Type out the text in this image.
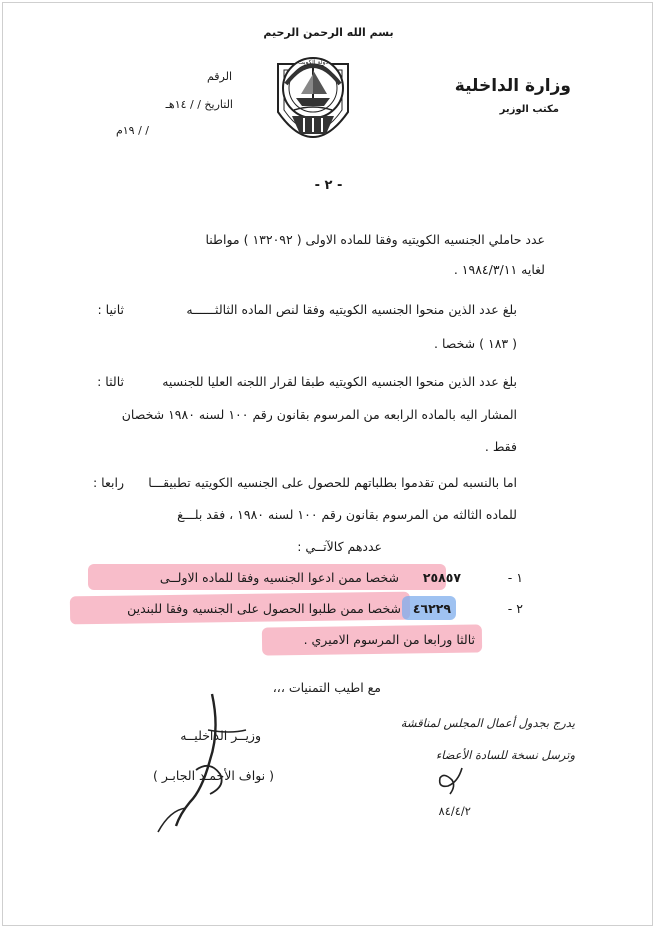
بسم الله الرحمن الرحيم
وزارة الداخلية
مكتب الوزير
الرقم
التاريخ / / ١٤هـ
/ / ١٩م
دولة الكويت
- ٢ -
عدد حاملي الجنسيه الكويتيه وفقا للماده الاولى ( ١٣٢٠٩٢ ) مواطنا
لغايه ١٩٨٤/٣/١١ .
ثانيا :	بلغ عدد الذين منحوا الجنسيه الكويتيه وفقا لنص الماده الثالثــــــه
( ١٨٣ ) شخصا .
ثالثا :	بلغ عدد الذين منحوا الجنسيه الكويتيه طبقا لقرار اللجنه العليا للجنسيه
المشار اليه بالماده الرابعه من المرسوم بقانون رقم ١٠٠ لسنه ١٩٨٠ شخصان
فقط .
رابعا : اما بالنسبه لمن تقدموا بطلباتهم للحصول على الجنسيه الكويتيه تطبيقـــا
للماده الثالثه من المرسوم بقانون رقم ١٠٠ لسنه ١٩٨٠ ، فقد بلـــغ
عددهم كالآتــي :
١ -
٢٥٨٥٧
شخصا ممن ادعوا الجنسيه وفقا للماده الاولــى
٢ -
٤٦٢٢٩
شخصا ممن طلبوا الحصول على الجنسيه وفقا للبندين
ثالثا ورابعا من المرسوم الاميري .
مع اطيب التمنيات ،،،
وزيــر الداخليــه
( نواف الأحمـد الجابـر )
يدرج بجدول أعمال المجلس لمناقشة
وترسل نسخة للسادة الأعضاء
٨٤/٤/٢
